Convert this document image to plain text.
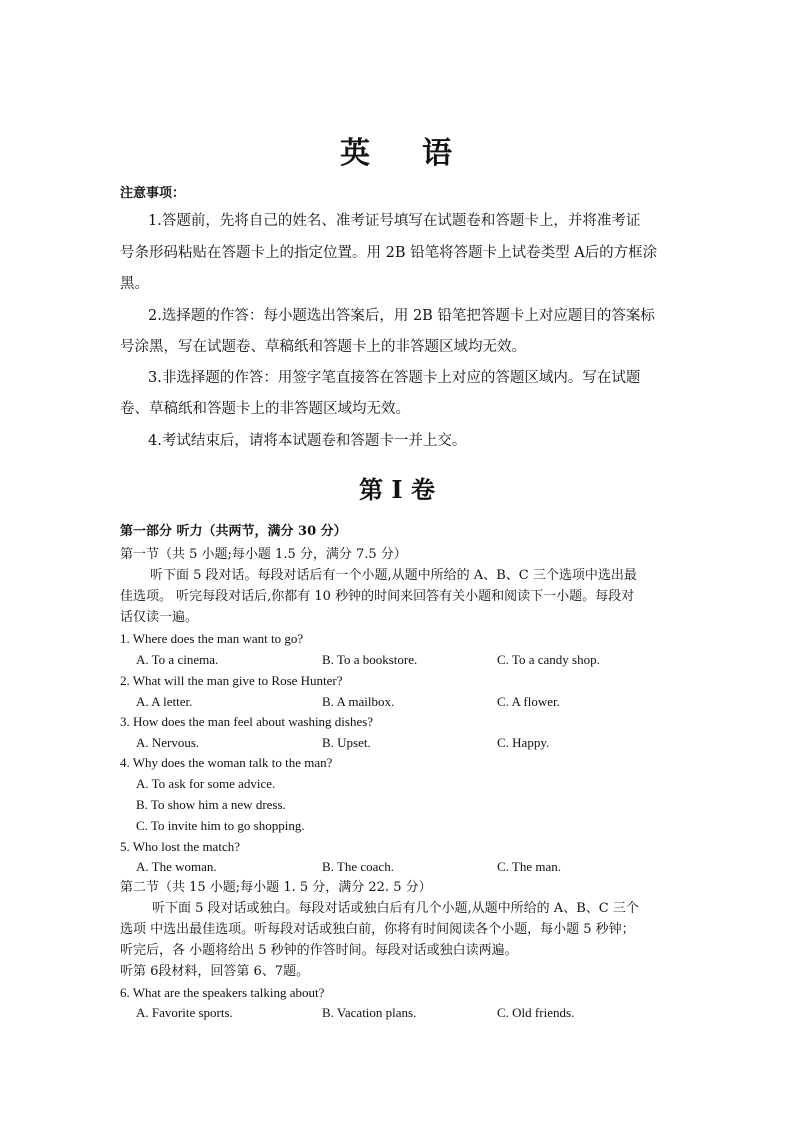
英 语
注意事项：
1.答题前，先将自己的姓名、准考证号填写在试题卷和答题卡上，并将准考证
号条形码粘贴在答题卡上的指定位置。用 2B 铅笔将答题卡上试卷类型 A后的方框涂
黑。
2.选择题的作答：每小题选出答案后，用 2B 铅笔把答题卡上对应题目的答案标
号涂黑，写在试题卷、草稿纸和答题卡上的非答题区域均无效。
3.非选择题的作答：用签字笔直接答在答题卡上对应的答题区域内。写在试题
卷、草稿纸和答题卡上的非答题区域均无效。
4.考试结束后，请将本试题卷和答题卡一并上交。
第 I 卷
第一部分 听力（共两节，满分 30 分）
第一节（共 5 小题;每小题 1.5 分，满分 7.5 分）
听下面 5 段对话。每段对话后有一个小题,从题中所给的 A、B、C 三个选项中选出最
佳选项。 听完每段对话后,你都有 10 秒钟的时间来回答有关小题和阅读下一小题。每段对
话仅读一遍。
1. Where does the man want to go?
A. To a cinema.	B. To a bookstore.	C. To a candy shop.
2. What will the man give to Rose Hunter?
A. A letter.	B. A mailbox.	C. A flower.
3. How does the man feel about washing dishes?
A. Nervous.	B. Upset.	C. Happy.
4. Why does the woman talk to the man?
A. To ask for some advice.
B. To show him a new dress.
C. To invite him to go shopping.
5. Who lost the match?
A. The woman.	B. The coach.	C. The man.
第二节（共 15 小题;每小题 1. 5 分，满分 22. 5 分）
听下面 5 段对话或独白。每段对话或独白后有几个小题,从题中所给的 A、B、C 三个
选项 中选出最佳选项。听每段对话或独白前，你将有时间阅读各个小题，每小题 5 秒钟；
听完后，各 小题将给出 5 秒钟的作答时间。每段对话或独白读两遍。
听第 6段材料，回答第 6、7题。
6. What are the speakers talking about?
A. Favorite sports.	B. Vacation plans.	C. Old friends.
